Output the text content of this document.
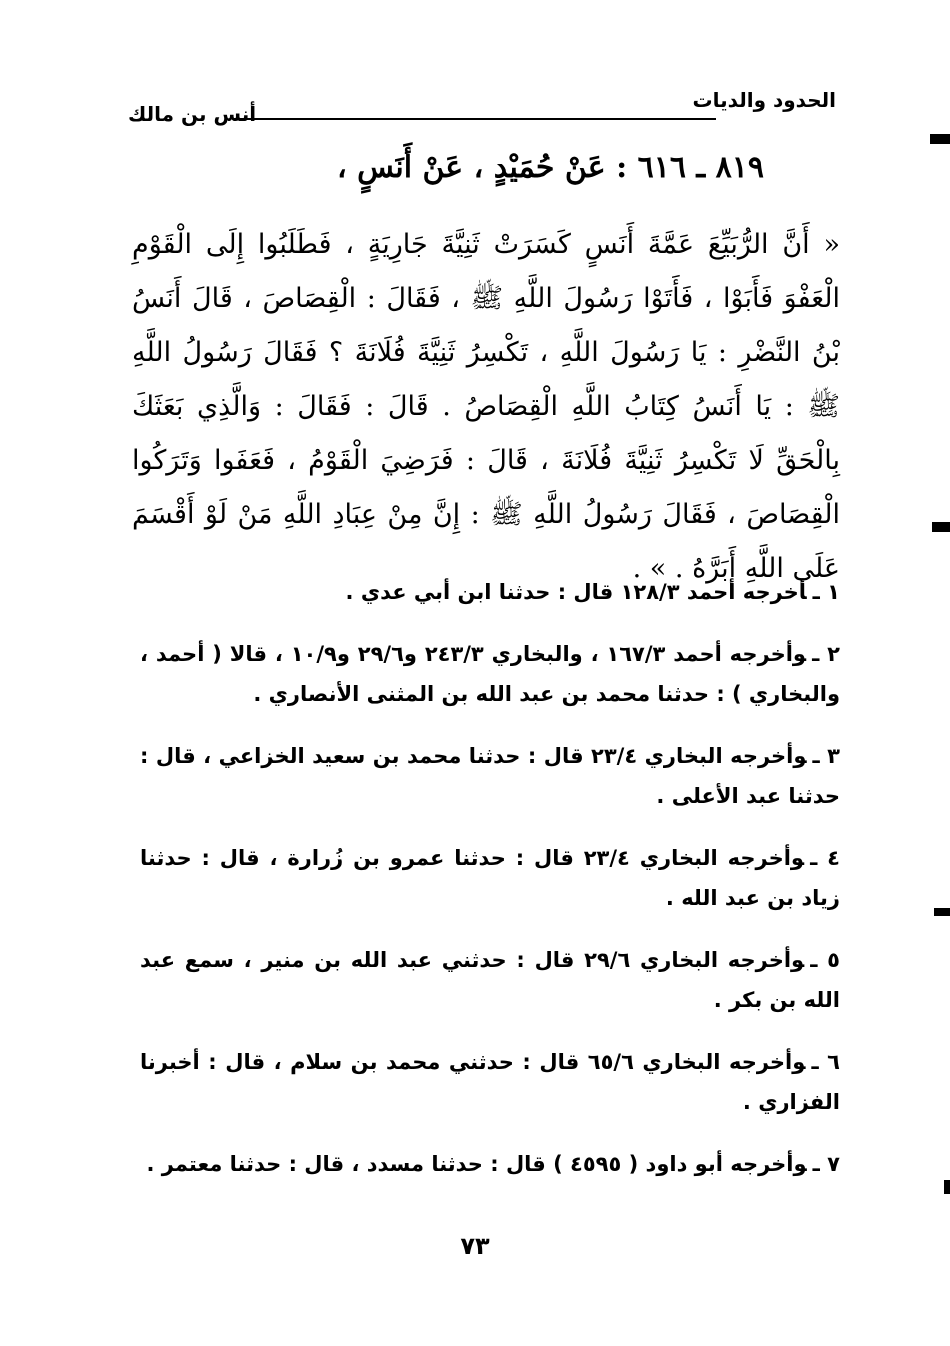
الحدود والديات
أنس بن مالك
٨١٩ ـ ٦١٦ : عَنْ حُمَيْدٍ ، عَنْ أَنَسٍ ،
« أَنَّ الرُّبَيِّعَ عَمَّةَ أَنَسٍ كَسَرَتْ ثَنِيَّةَ جَارِيَةٍ ، فَطَلَبُوا إِلَى الْقَوْمِ الْعَفْوَ فَأَبَوْا ، فَأَتَوْا رَسُولَ اللَّهِ ﷺ ، فَقَالَ : الْقِصَاصَ ، قَالَ أَنَسُ بْنُ النَّضْرِ : يَا رَسُولَ اللَّهِ ، تَكْسِرُ ثَنِيَّةَ فُلَانَةَ ؟ فَقَالَ رَسُولُ اللَّهِ ﷺ : يَا أَنَسُ كِتَابُ اللَّهِ الْقِصَاصُ . قَالَ : فَقَالَ : وَالَّذِي بَعَثَكَ بِالْحَقِّ لَا تَكْسِرُ ثَنِيَّةَ فُلَانَةَ ، قَالَ : فَرَضِيَ الْقَوْمُ ، فَعَفَوا وَتَرَكُوا الْقِصَاصَ ، فَقَالَ رَسُولُ اللَّهِ ﷺ : إِنَّ مِنْ عِبَادِ اللَّهِ مَنْ لَوْ أَقْسَمَ عَلَى اللَّهِ أَبَرَّهُ . » .

١ ـأخرجه أحمد ١٢٨/٣ قال : حدثنا ابن أبي عدي .

٢ ـوأخرجه أحمد ١٦٧/٣ ، والبخاري ٢٤٣/٣ و٢٩/٦ و١٠/٩ ، قالا ( أحمد ، والبخاري ) : حدثنا محمد بن عبد الله بن المثنى الأنصاري .

٣ ـوأخرجه البخاري ٢٣/٤ قال : حدثنا محمد بن سعيد الخزاعي ، قال : حدثنا عبد الأعلى .

٤ ـوأخرجه البخاري ٢٣/٤ قال : حدثنا عمرو بن زُرارة ، قال : حدثنا زياد بن عبد الله .

٥ ـوأخرجه البخاري ٢٩/٦ قال : حدثني عبد الله بن منير ، سمع عبد الله بن بكر .

٦ ـوأخرجه البخاري ٦٥/٦ قال : حدثني محمد بن سلام ، قال : أخبرنا الفزاري .

٧ ـوأخرجه أبو داود ( ٤٥٩٥ ) قال : حدثنا مسدد ، قال : حدثنا معتمر .

٧٣
